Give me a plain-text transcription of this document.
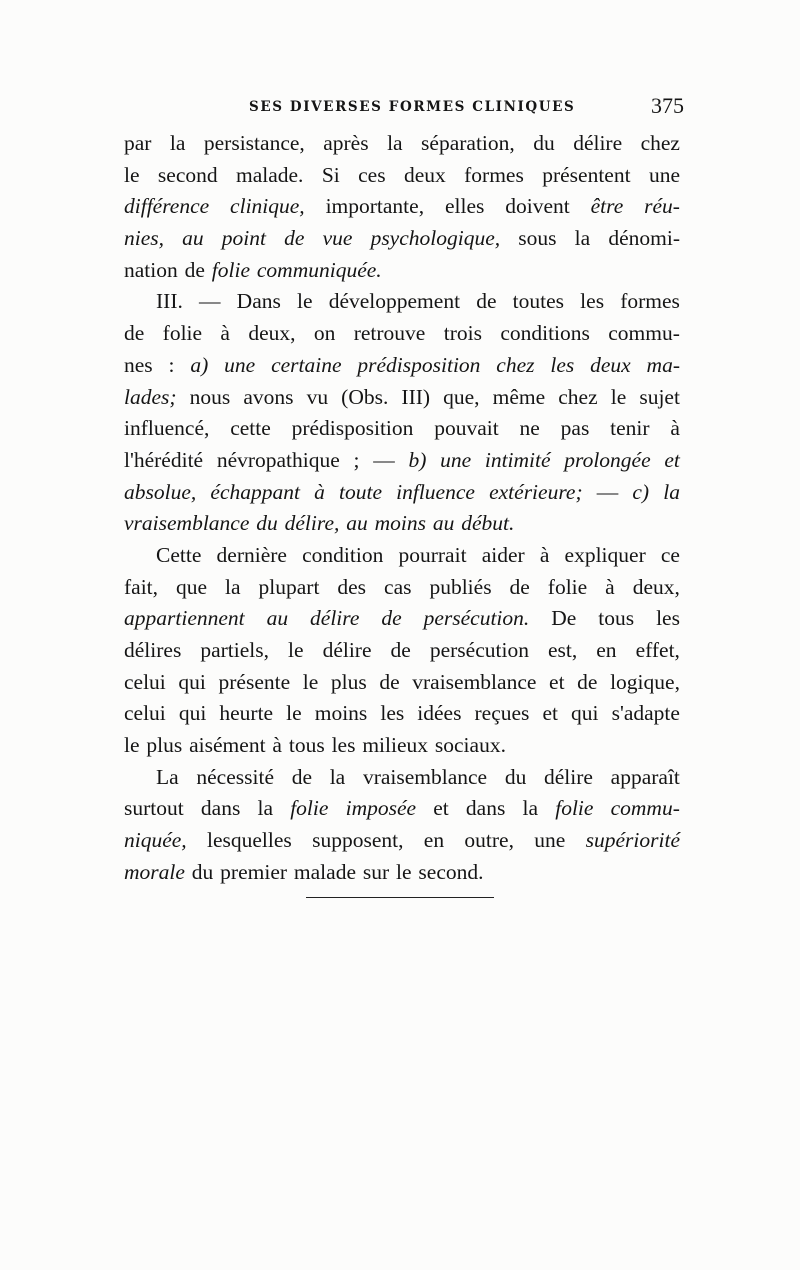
SES DIVERSES FORMES CLINIQUES	375
par la persistance, après la séparation, du délire chez
le second malade. Si ces deux formes présentent une
différence clinique, importante, elles doivent être réu-
nies, au point de vue psychologique, sous la dénomi-
nation de folie communiquée.
III. — Dans le développement de toutes les formes
de folie à deux, on retrouve trois conditions commu-
nes : a) une certaine prédisposition chez les deux ma-
lades; nous avons vu (Obs. III) que, même chez le sujet
influencé, cette prédisposition pouvait ne pas tenir à
l'hérédité névropathique ; — b) une intimité prolongée et
absolue, échappant à toute influence extérieure; — c) la
vraisemblance du délire, au moins au début.
Cette dernière condition pourrait aider à expliquer ce
fait, que la plupart des cas publiés de folie à deux,
appartiennent au délire de persécution. De tous les
délires partiels, le délire de persécution est, en effet,
celui qui présente le plus de vraisemblance et de logique,
celui qui heurte le moins les idées reçues et qui s'adapte
le plus aisément à tous les milieux sociaux.
La nécessité de la vraisemblance du délire apparaît
surtout dans la folie imposée et dans la folie commu-
niquée, lesquelles supposent, en outre, une supériorité
morale du premier malade sur le second.
